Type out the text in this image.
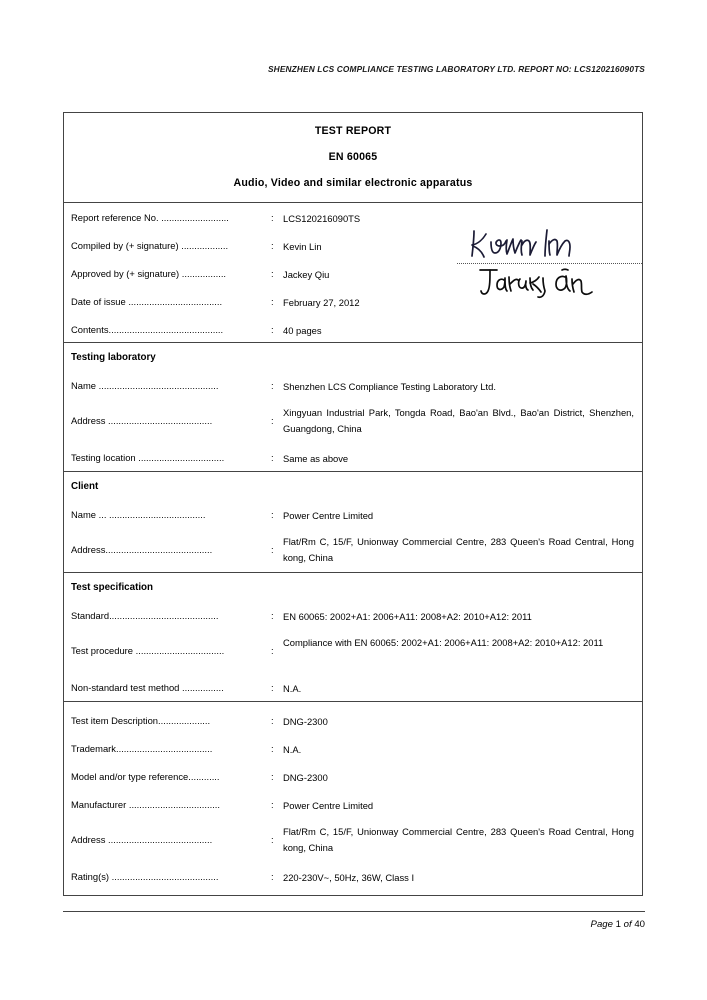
SHENZHEN LCS COMPLIANCE TESTING LABORATORY LTD. REPORT NO: LCS120216090TS
TEST REPORT
EN 60065
Audio, Video and similar electronic apparatus
Report reference No. ..........................	: LCS120216090TS
Compiled by (+ signature) ..................	: Kevin Lin
Approved by (+ signature) .................	: Jackey Qiu
Date of issue ....................................	: February 27, 2012
Contents............................................	: 40 pages
Testing laboratory
Name ..............................................	: Shenzhen LCS Compliance Testing Laboratory Ltd.
Address ........................................	:
Xingyuan Industrial Park, Tongda Road, Bao'an Blvd., Bao'an District, Shenzhen, Guangdong, China
Testing location .................................	: Same as above
Client
Name ... .....................................	: Power Centre Limited
Address.........................................	:
Flat/Rm C, 15/F, Unionway Commercial Centre, 283 Queen's Road Central, Hong kong, China
Test specification
Standard..........................................	: EN 60065: 2002+A1: 2006+A11: 2008+A2: 2010+A12: 2011
Test procedure ..................................	:
Compliance with EN 60065: 2002+A1: 2006+A11: 2008+A2: 2010+A12: 2011
Non-standard test method ................	: N.A.
Test item Description....................	: DNG-2300
Trademark.....................................	: N.A.
Model and/or type reference............	: DNG-2300
Manufacturer ...................................	: Power Centre Limited
Address ........................................	:
Flat/Rm C, 15/F, Unionway Commercial Centre, 283 Queen's Road Central, Hong kong, China
Rating(s) .........................................	: 220-230V~, 50Hz, 36W, Class I
Page 1 of 40
